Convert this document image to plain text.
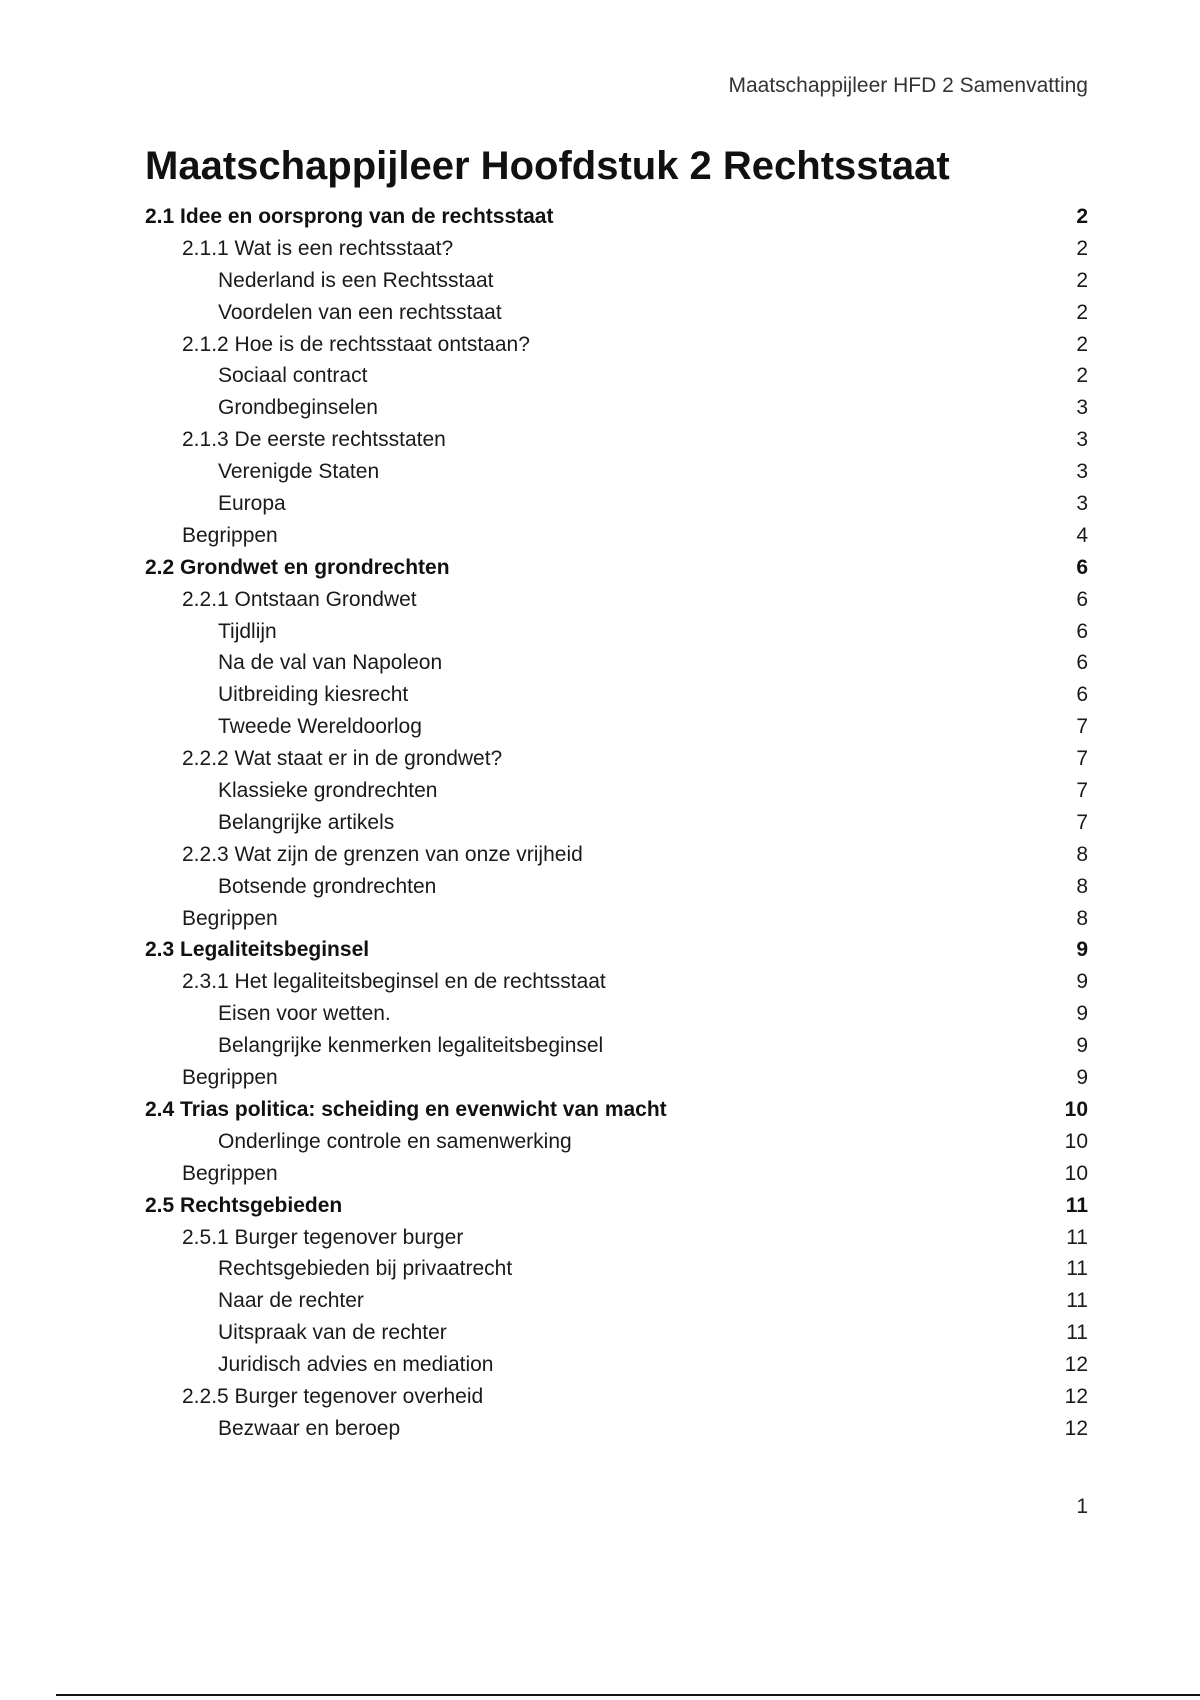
Maatschappijleer HFD 2 Samenvatting
Maatschappijleer Hoofdstuk 2 Rechtsstaat
2.1 Idee en oorsprong van de rechtsstaat	2
2.1.1 Wat is een rechtsstaat?	2
Nederland is een Rechtsstaat	2
Voordelen van een rechtsstaat	2
2.1.2 Hoe is de rechtsstaat ontstaan?	2
Sociaal contract	2
Grondbeginselen	3
2.1.3 De eerste rechtsstaten	3
Verenigde Staten	3
Europa	3
Begrippen	4
2.2 Grondwet en grondrechten	6
2.2.1 Ontstaan Grondwet	6
Tijdlijn	6
Na de val van Napoleon	6
Uitbreiding kiesrecht	6
Tweede Wereldoorlog	7
2.2.2 Wat staat er in de grondwet?	7
Klassieke grondrechten	7
Belangrijke artikels	7
2.2.3 Wat zijn de grenzen van onze vrijheid	8
Botsende grondrechten	8
Begrippen	8
2.3 Legaliteitsbeginsel	9
2.3.1 Het legaliteitsbeginsel en de rechtsstaat	9
Eisen voor wetten.	9
Belangrijke kenmerken legaliteitsbeginsel	9
Begrippen	9
2.4 Trias politica: scheiding en evenwicht van macht	10
Onderlinge controle en samenwerking	10
Begrippen	10
2.5 Rechtsgebieden	11
2.5.1 Burger tegenover burger	11
Rechtsgebieden bij privaatrecht	11
Naar de rechter	11
Uitspraak van de rechter	11
Juridisch advies en mediation	12
2.2.5 Burger tegenover overheid	12
Bezwaar en beroep	12
1
